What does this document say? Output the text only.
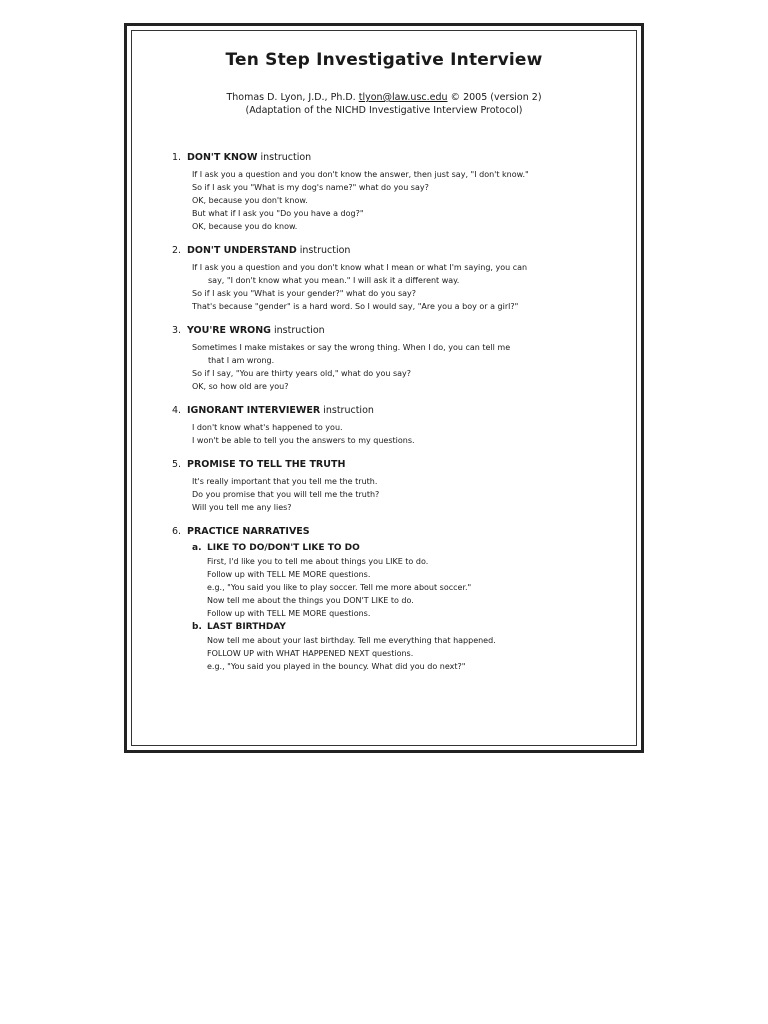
Ten Step Investigative Interview
Thomas D. Lyon, J.D., Ph.D. tlyon@law.usc.edu © 2005 (version 2)
(Adaptation of the NICHD Investigative Interview Protocol)
1. DON'T KNOW instruction
If I ask you a question and you don't know the answer, then just say, "I don't know."
So if I ask you "What is my dog's name?" what do you say?
OK, because you don't know.
But what if I ask you "Do you have a dog?"
OK, because you do know.
2. DON'T UNDERSTAND instruction
If I ask you a question and you don't know what I mean or what I'm saying, you can
say, "I don't know what you mean." I will ask it a different way.
So if I ask you "What is your gender?" what do you say?
That's because "gender" is a hard word. So I would say, "Are you a boy or a girl?"
3. YOU'RE WRONG instruction
Sometimes I make mistakes or say the wrong thing. When I do, you can tell me
that I am wrong.
So if I say, "You are thirty years old," what do you say?
OK, so how old are you?
4. IGNORANT INTERVIEWER instruction
I don't know what's happened to you.
I won't be able to tell you the answers to my questions.
5. PROMISE TO TELL THE TRUTH
It's really important that you tell me the truth.
Do you promise that you will tell me the truth?
Will you tell me any lies?
6. PRACTICE NARRATIVES
a. LIKE TO DO/DON'T LIKE TO DO
First, I'd like you to tell me about things you LIKE to do.
Follow up with TELL ME MORE questions.
e.g., "You said you like to play soccer. Tell me more about soccer."
Now tell me about the things you DON'T LIKE to do.
Follow up with TELL ME MORE questions.
b. LAST BIRTHDAY
Now tell me about your last birthday. Tell me everything that happened.
FOLLOW UP with WHAT HAPPENED NEXT questions.
e.g., "You said you played in the bouncy. What did you do next?"
